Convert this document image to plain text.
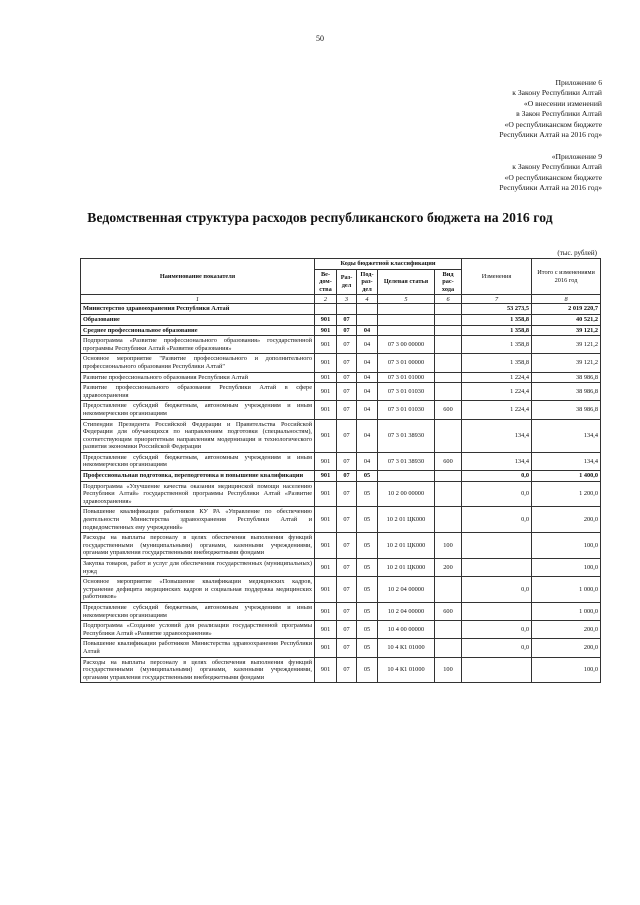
50
Приложение 6
к Закону Республики Алтай
«О внесении изменений
в Закон Республики Алтай
«О республиканском бюджете
Республики Алтай на 2016 год»
«Приложение 9
к Закону Республики Алтай
«О республиканском бюджете
Республики Алтай на 2016 год»
Ведомственная структура расходов республиканского бюджета на 2016 год
(тыс. рублей)
Наименование показателя	Коды бюджетной классификации					Изменения	Итого с изменениями 2016 год
	Ве-дом-ства	Раз-дел	Под-раз-дел	Целевая статья	Вид рас-хода		
1	2	3	4	5	6	7	8
Министерство здравоохранения Республики Алтай						53 273,5	2 019 220,7
Образование	901	07				1 358,8	40 521,2
Среднее профессиональное образование	901	07	04			1 358,8	39 121,2
Подпрограмма «Развитие профессионального образования» государственной программы Республики Алтай «Развитие образования»	901	07	04	07 3 00 00000		1 358,8	39 121,2
Основное мероприятие "Развитие профессионального и дополнительного профессионального образования Республики Алтай"	901	07	04	07 3 01 00000		1 358,8	39 121,2
Развитие профессионального образования Республики Алтай	901	07	04	07 3 01 01000		1 224,4	38 986,8
Развитие профессионального образования Республики Алтай в сфере здравоохранения	901	07	04	07 3 01 01030		1 224,4	38 986,8
Предоставление субсидий бюджетным, автономным учреждениям и иным некоммерческим организациям	901	07	04	07 3 01 01030	600	1 224,4	38 986,8
Стипендии Президента Российской Федерации и Правительства Российской Федерации для обучающихся по направлениям подготовки (специальностям), соответствующим приоритетным направлениям модернизации и технологического развития экономики Российской Федерации	901	07	04	07 3 01 38930		134,4	134,4
Предоставление субсидий бюджетным, автономным учреждениям и иным некоммерческим организациям	901	07	04	07 3 01 38930	600	134,4	134,4
Профессиональная подготовка, переподготовка и повышение квалификации	901	07	05			0,0	1 400,0
Подпрограмма «Улучшение качества оказания медицинской помощи населению Республики Алтай» государственной программы Республики Алтай «Развитие здравоохранения»	901	07	05	10 2 00 00000		0,0	1 200,0
Повышение квалификации работников КУ РА «Управление по обеспечению деятельности Министерства здравоохранения Республики Алтай и подведомственных ему учреждений»	901	07	05	10 2 01 ЦК000		0,0	200,0
Расходы на выплаты персоналу в целях обеспечения выполнения функций государственными (муниципальными) органами, казенными учреждениями, органами управления государственными внебюджетными фондами	901	07	05	10 2 01 ЦК000	100		100,0
Закупка товаров, работ и услуг для обеспечения государственных (муниципальных) нужд	901	07	05	10 2 01 ЦК000	200		100,0
Основное мероприятие «Повышение квалификации медицинских кадров, устранение дефицита медицинских кадров и социальная поддержка медицинских работников»	901	07	05	10 2 04 00000		0,0	1 000,0
Предоставление субсидий бюджетным, автономным учреждениям и иным некоммерческим организациям	901	07	05	10 2 04 00000	600		1 000,0
Подпрограмма «Создание условий для реализации государственной программы Республики Алтай «Развитие здравоохранения»	901	07	05	10 4 00 00000		0,0	200,0
Повышение квалификации работников Министерства здравоохранения Республики Алтай	901	07	05	10 4 К1 01000		0,0	200,0
Расходы на выплаты персоналу в целях обеспечения выполнения функций государственными (муниципальными) органами, казенными учреждениями, органами управления государственными внебюджетными фондами	901	07	05	10 4 К1 01000	100		100,0
